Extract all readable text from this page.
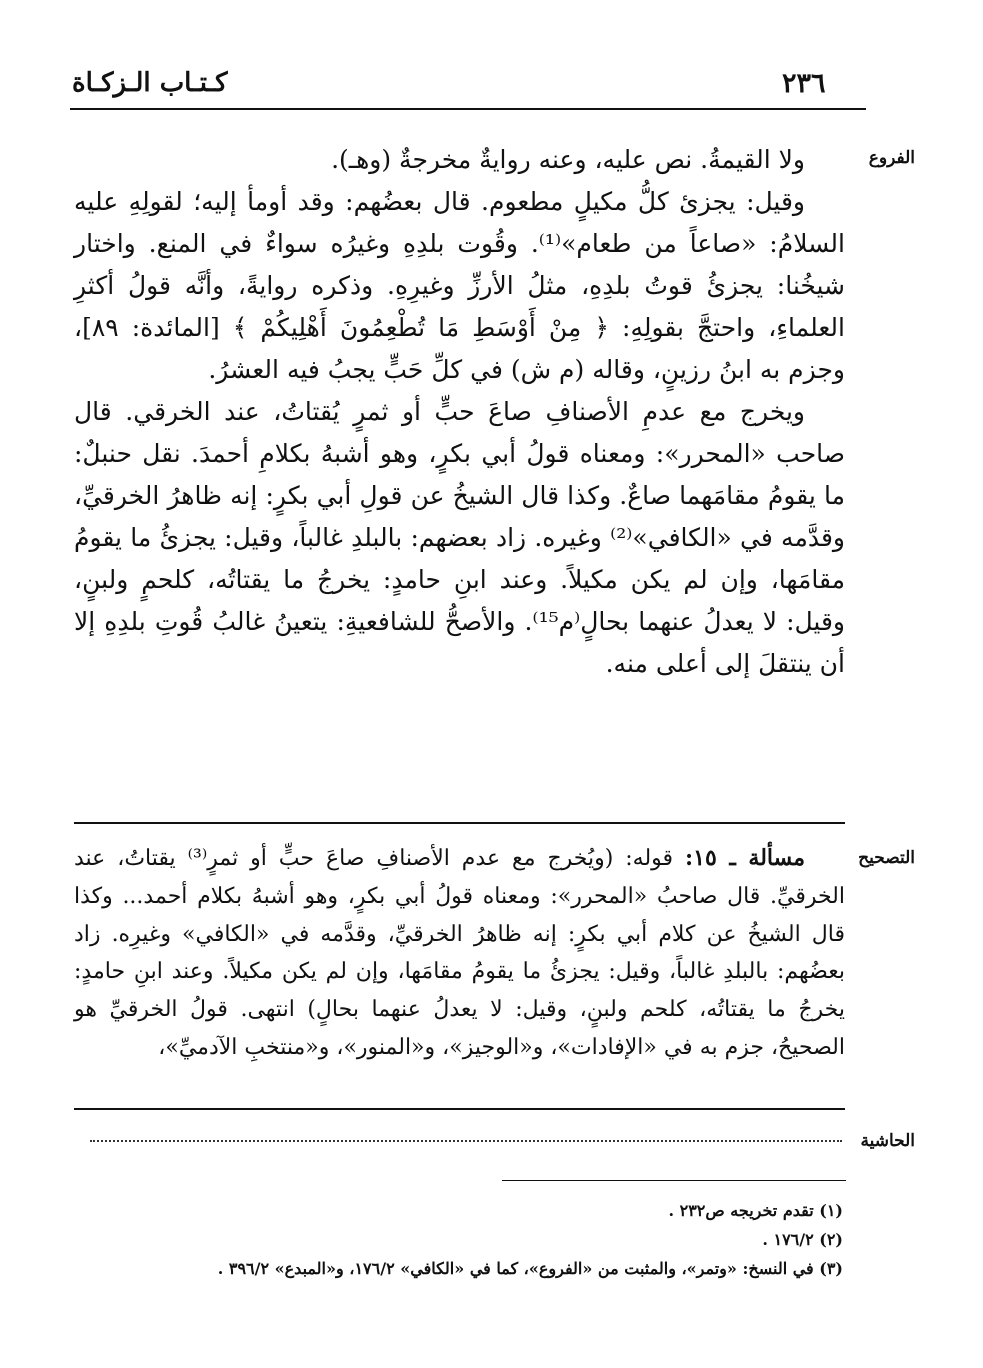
كـتـاب الـزكـاة	٢٣٦
الفروع
التصحيح
الحاشية

ولا القيمةُ. نص عليه، وعنه روايةٌ مخرجةٌ (وهـ).

وقيل: يجزئ كلُّ مكيلٍ مطعوم. قال بعضُهم: وقد أومأ إليه؛ لقولِهِ عليه السلامُ: «صاعاً من طعام»⁽¹⁾. وقُوت بلدِهِ وغيرُه سواءٌ في المنع. واختار شيخُنا: يجزئُ قوتُ بلدِهِ، مثلُ الأرزِّ وغيرِهِ. وذكره روايةً، وأنَّه قولُ أكثرِ العلماءِ، واحتجَّ بقولِهِ: ﴿ مِنْ أَوْسَطِ مَا تُطْعِمُونَ أَهْلِيكُمْ ﴾ [المائدة: ٨٩]، وجزم به ابنُ رزينٍ، وقاله (م ش) في كلِّ حَبٍّ يجبُ فيه العشرُ.

ويخرج مع عدمِ الأصنافِ صاعَ حبٍّ أو ثمرٍ يُقتاتُ، عند الخرقي. قال صاحب «المحرر»: ومعناه قولُ أبي بكرٍ، وهو أشبهُ بكلامِ أحمدَ. نقل حنبلٌ: ما يقومُ مقامَهما صاعٌ. وكذا قال الشيخُ عن قولِ أبي بكرٍ: إنه ظاهرُ الخرقيِّ، وقدَّمه في «الكافي»⁽²⁾ وغيره. زاد بعضهم: بالبلدِ غالباً، وقيل: يجزئُ ما يقومُ مقامَها، وإن لم يكن مكيلاً. وعند ابنِ حامدٍ: يخرجُ ما يقتاتُه، كلحمٍ ولبنٍ، وقيل: لا يعدلُ عنهما بحالٍ⁽م¹⁵⁾. والأصحُّ للشافعيةِ: يتعينُ غالبُ قُوتِ بلدِهِ إلا أن ينتقلَ إلى أعلى منه.

مسألة ـ ١٥: قوله: (ويُخرج مع عدم الأصنافِ صاعَ حبٍّ أو ثمرٍ⁽³⁾ يقتاتُ، عند الخرقيِّ. قال صاحبُ «المحرر»: ومعناه قولُ أبي بكرٍ، وهو أشبهُ بكلام أحمد... وكذا قال الشيخُ عن كلام أبي بكرٍ: إنه ظاهرُ الخرقيِّ، وقدَّمه في «الكافي» وغيرِه. زاد بعضُهم: بالبلدِ غالباً، وقيل: يجزئُ ما يقومُ مقامَها، وإن لم يكن مكيلاً. وعند ابنِ حامدٍ: يخرجُ ما يقتاتُه، كلحم ولبنٍ، وقيل: لا يعدلُ عنهما بحالٍ) انتهى. قولُ الخرقيِّ هو الصحيحُ، جزم به في «الإفادات»، و«الوجيز»، و«المنور»، و«منتخبِ الآدميِّ»،

(١) تقدم تخريجه ص٢٣٢ .

(٢) ١٧٦/٢ .

(٣) في النسخ: «وتمر»، والمثبت من «الفروع»، كما في «الكافي» ١٧٦/٢، و«المبدع» ٣٩٦/٢ .
